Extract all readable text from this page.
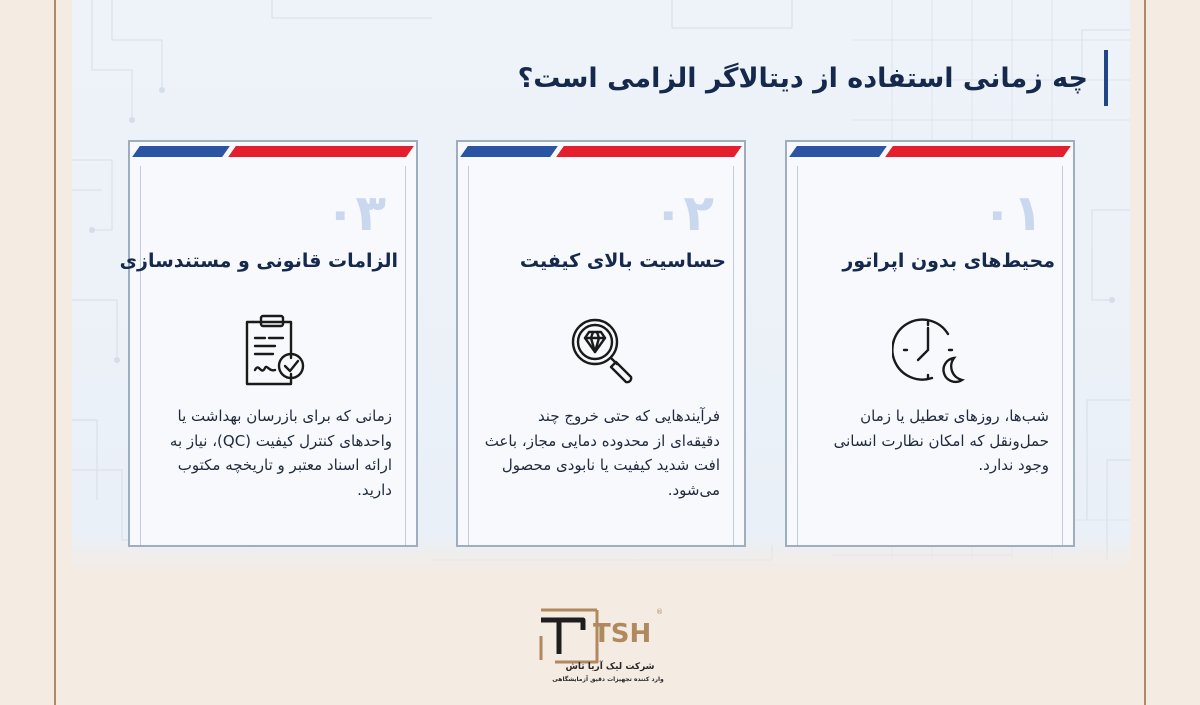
چه زمانی استفاده از دیتالاگر الزامی است؟
۰۱
محیط‌های بدون اپراتور
شب‌ها، روزهای تعطیل یا زمان حمل‌ونقل که امکان نظارت انسانی وجود ندارد.
۰۲
حساسیت بالای کیفیت
فرآیندهایی که حتی خروج چند دقیقه‌ای از محدوده دمایی مجاز، باعث افت شدید کیفیت یا نابودی محصول می‌شود.
۰۳
الزامات قانونی و مستندسازی
زمانی که برای بازرسان بهداشت یا واحدهای کنترل کیفیت (QC)، نیاز به ارائه اسناد معتبر و تاریخچه مکتوب دارید.
TSH
®
شرکت لیک آریا تاش
وارد کننده تجهیزات دقیق آزمایشگاهی
